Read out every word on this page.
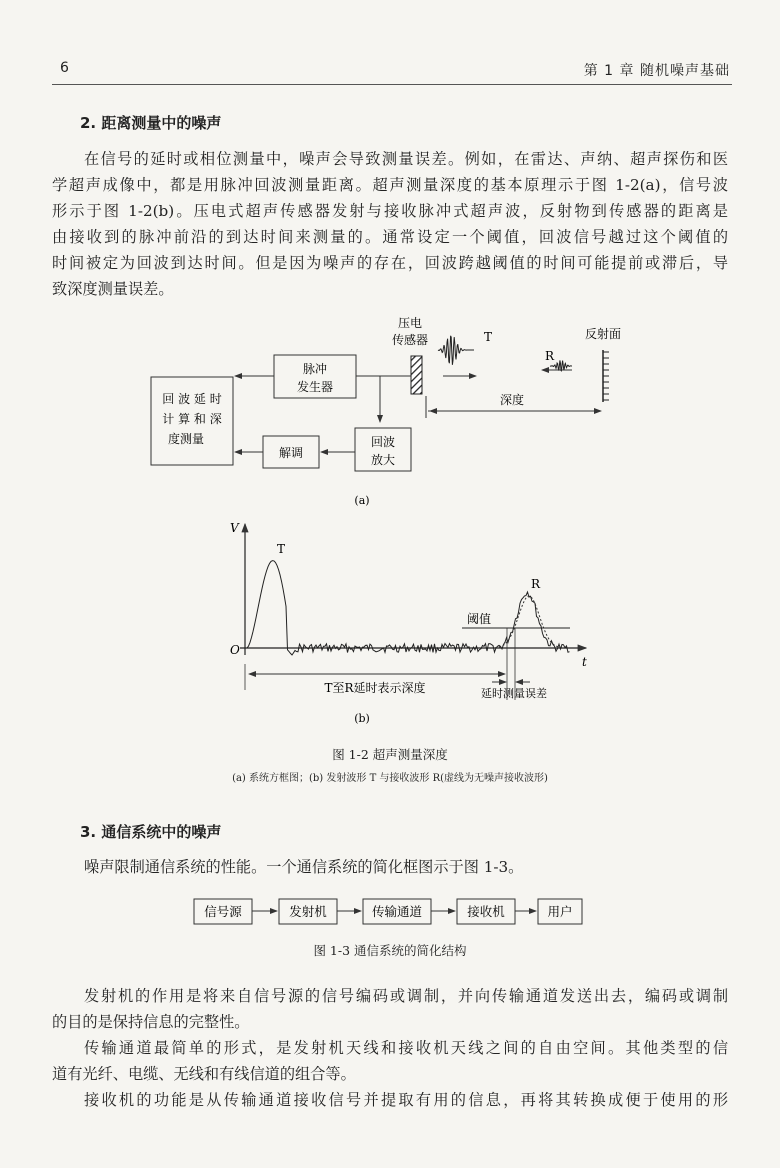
6	第 1 章 随机噪声基础
2. 距离测量中的噪声
在信号的延时或相位测量中，噪声会导致测量误差。例如，在雷达、声纳、超声探伤和医
学超声成像中，都是用脉冲回波测量距离。超声测量深度的基本原理示于图 1-2(a)，信号波
形示于图 1-2(b)。压电式超声传感器发射与接收脉冲式超声波，反射物到传感器的距离是
由接收到的脉冲前沿的到达时间来测量的。通常设定一个阈值，回波信号越过这个阈值的
时间被定为回波到达时间。但是因为噪声的存在，回波跨越阈值的时间可能提前或滞后，导
致深度测量误差。
回 波 延 时
计 算 和 深
度测量
脉冲
发生器
解调
回波
放大
压电
传感器	T	反射面
R
深度
(a)
V
t
O
T
R
阈值
T至R延时表示深度	延时测量误差
(b)
信号源	发射机	传输通道	接收机	用户
图 1-2 超声测量深度
(a) 系统方框图；(b) 发射波形 T 与接收波形 R(虚线为无噪声接收波形)
3. 通信系统中的噪声
噪声限制通信系统的性能。一个通信系统的简化框图示于图 1-3。
图 1-3 通信系统的简化结构
发射机的作用是将来自信号源的信号编码或调制，并向传输通道发送出去，编码或调制
的目的是保持信息的完整性。
传输通道最简单的形式，是发射机天线和接收机天线之间的自由空间。其他类型的信
道有光纤、电缆、无线和有线信道的组合等。
接收机的功能是从传输通道接收信号并提取有用的信息，再将其转换成便于使用的形
